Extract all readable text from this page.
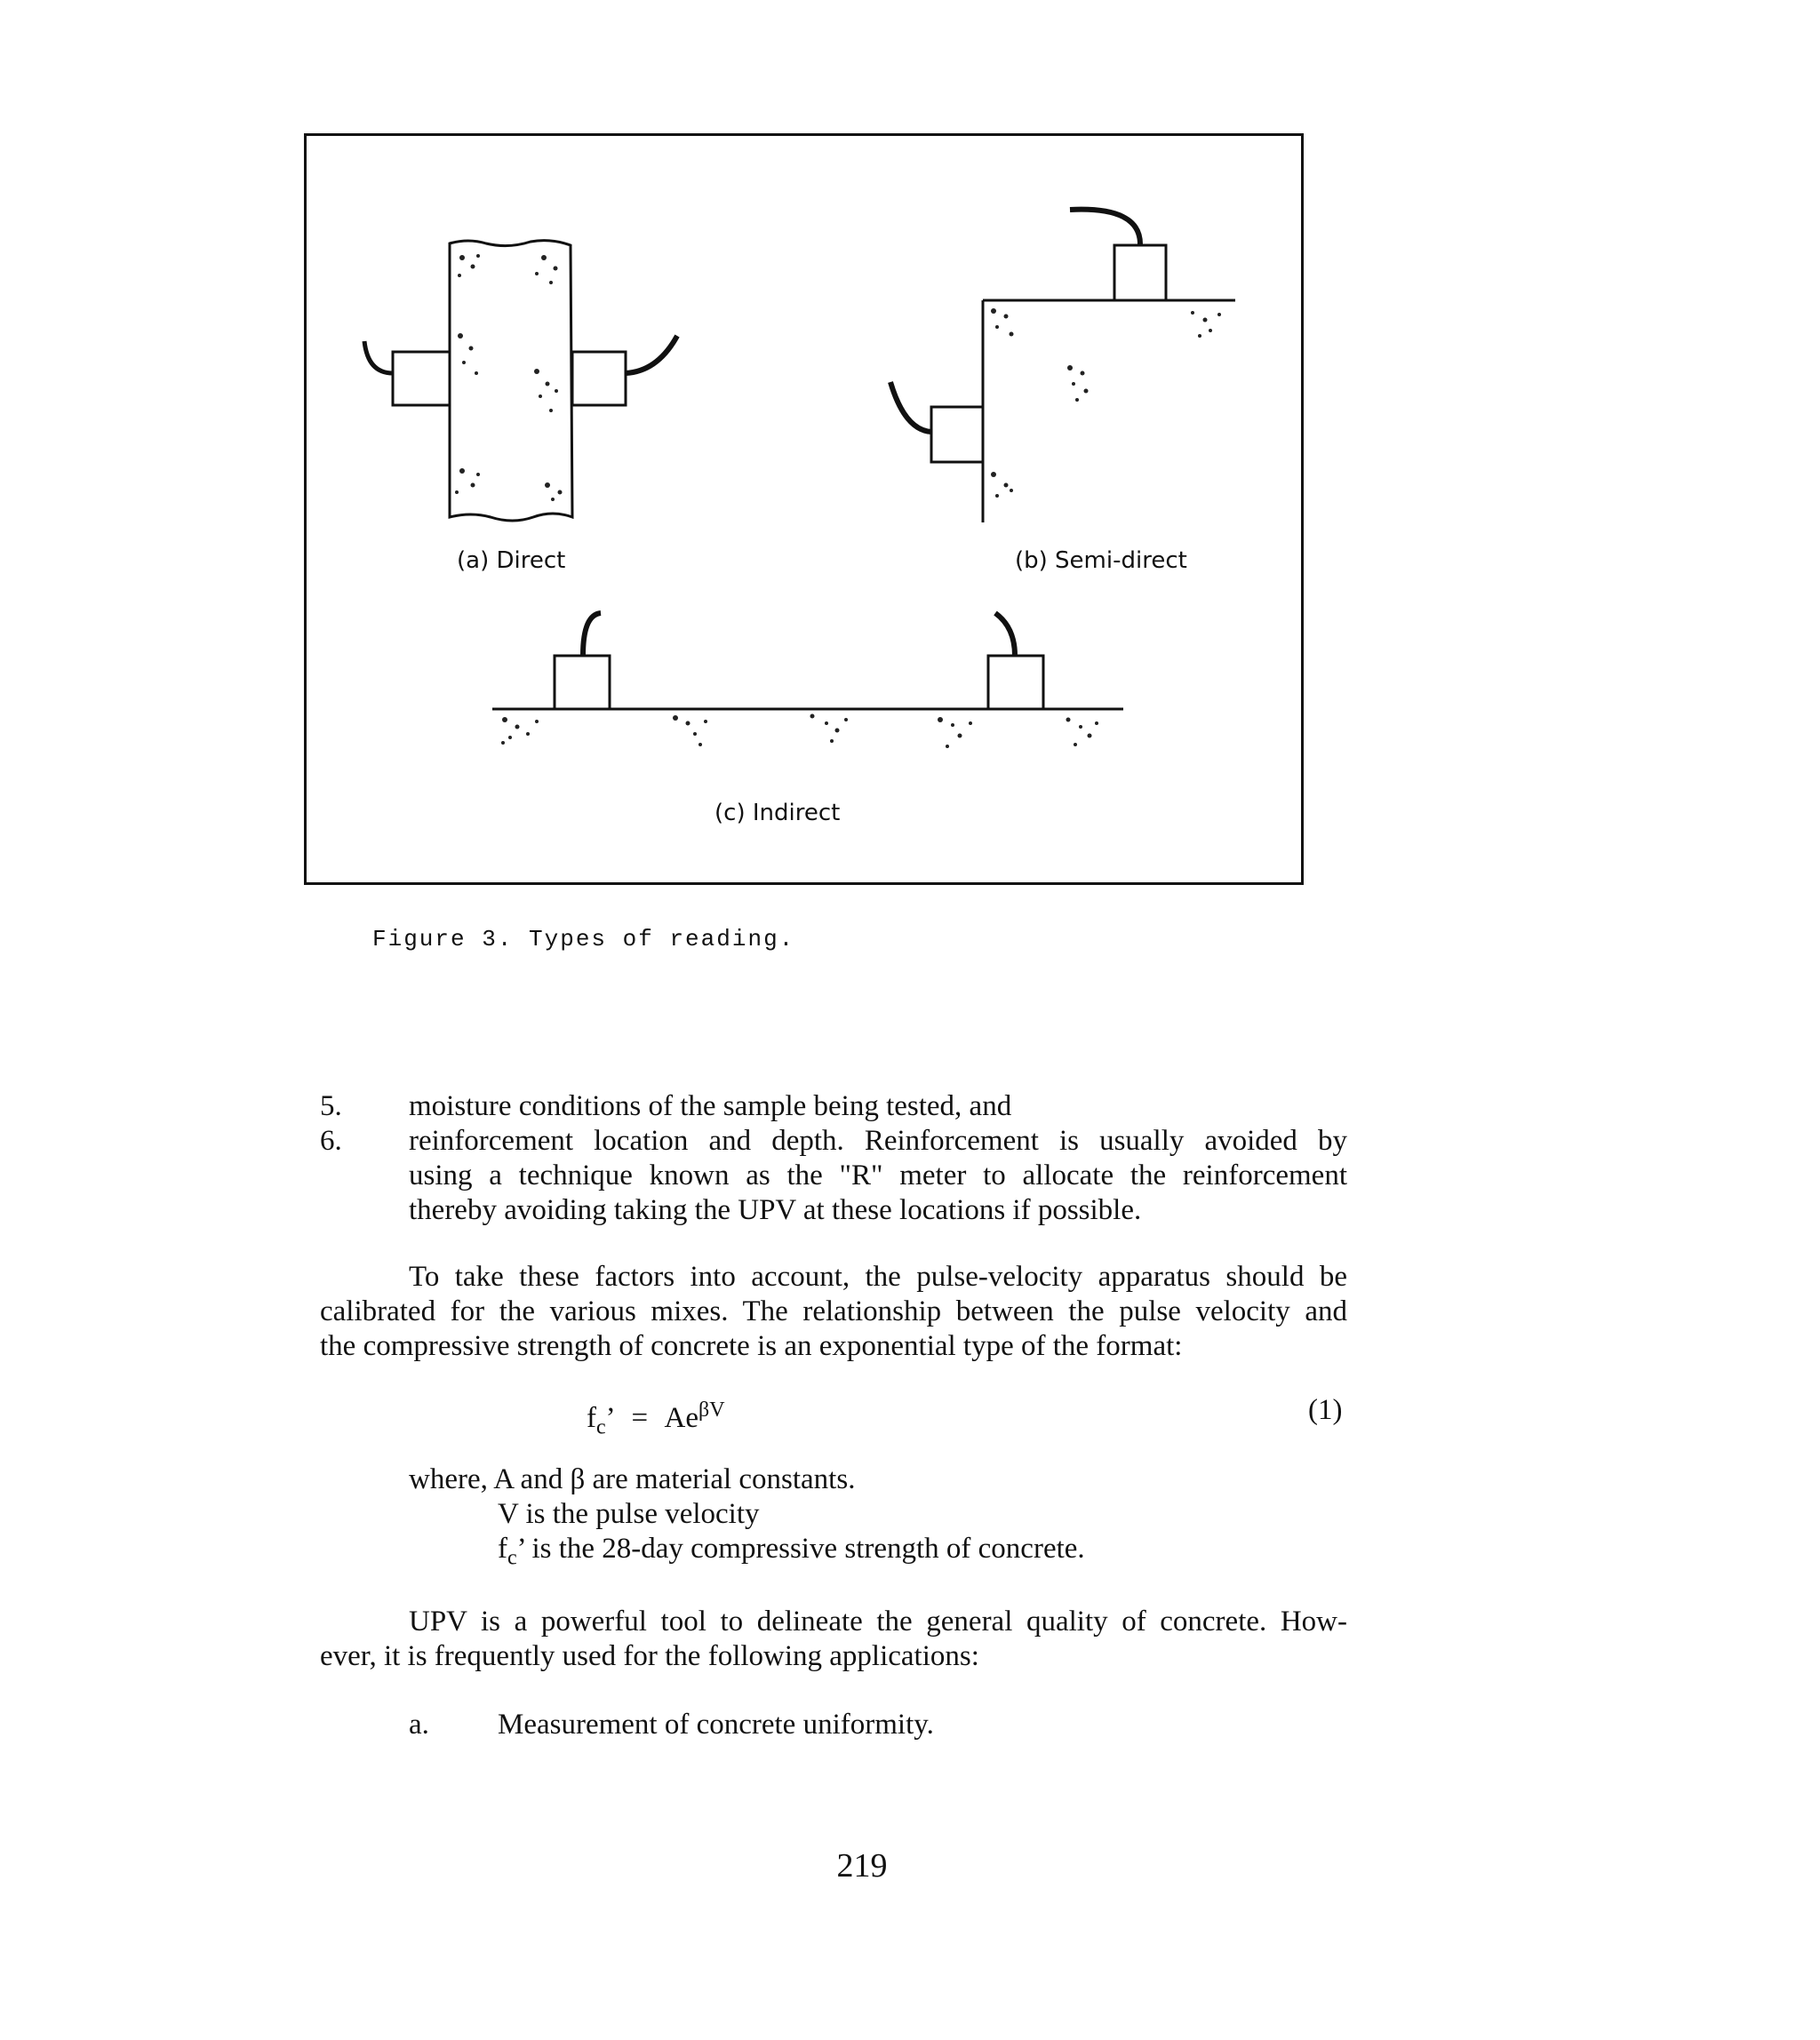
(a) Direct	(b) Semi-direct
(c) Indirect
Figure 3. Types of reading.
5. moisture conditions of the sample being tested, and
6. reinforcement location and depth. Reinforcement is usually avoided by
using a technique known as the "R" meter to allocate the reinforcement
thereby avoiding taking the UPV at these locations if possible.
To take these factors into account, the pulse-velocity apparatus should be
calibrated for the various mixes. The relationship between the pulse velocity and
the compressive strength of concrete is an exponential type of the format:
$f_c$’ = $Ae^{\beta V}$	(1)
where, A and β are material constants.
V is the pulse velocity
$f_c$’ is the 28-day compressive strength of concrete.
UPV is a powerful tool to delineate the general quality of concrete. How-
ever, it is frequently used for the following applications:
a. Measurement of concrete uniformity.
219
